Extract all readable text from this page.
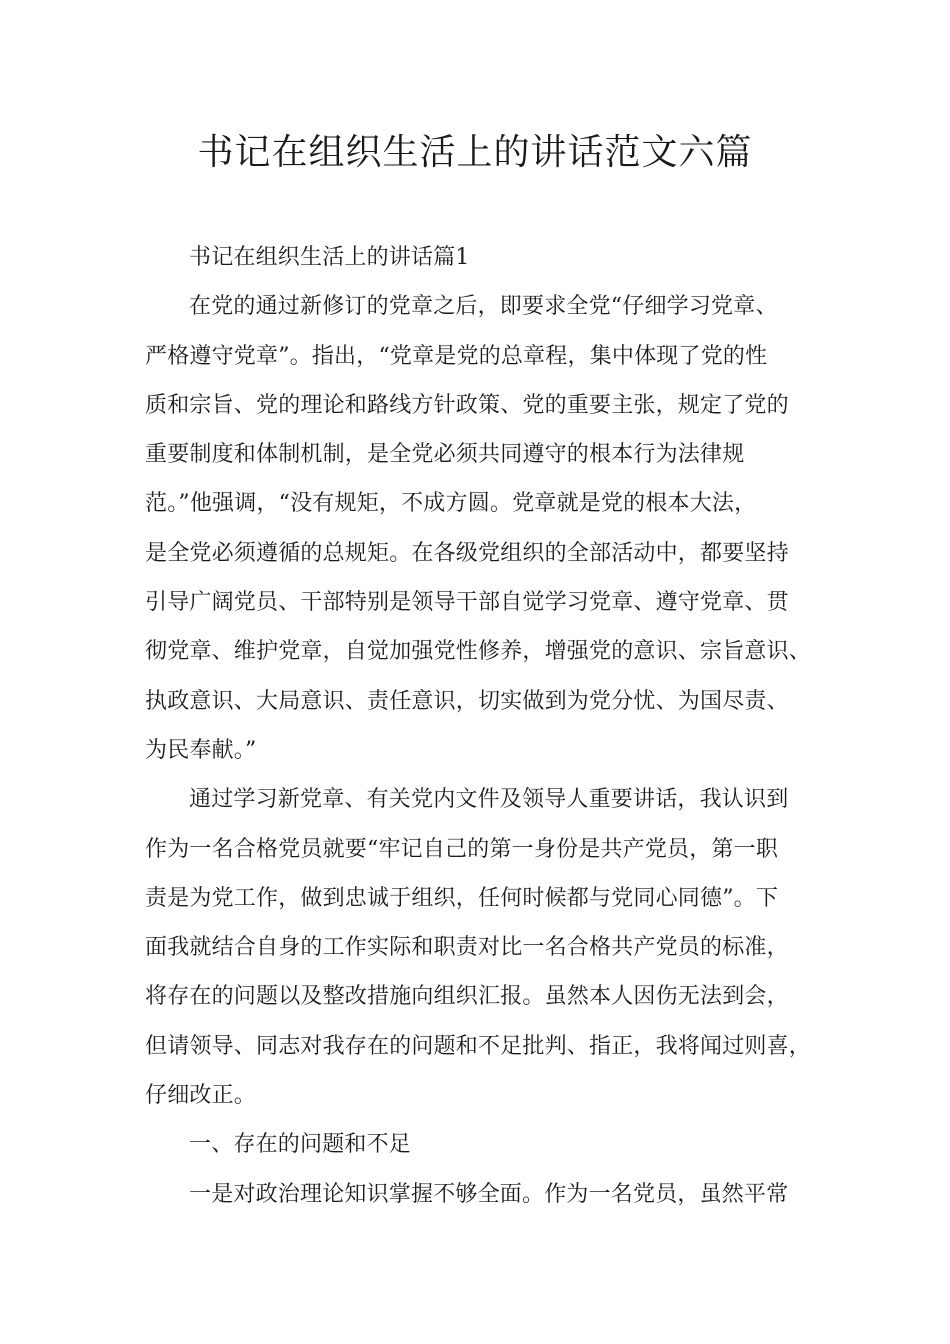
书记在组织生活上的讲话范文六篇
书记在组织生活上的讲话篇1
在党的通过新修订的党章之后，即要求全党“仔细学习党章、
严格遵守党章”。指出，“党章是党的总章程，集中体现了党的性
质和宗旨、党的理论和路线方针政策、党的重要主张，规定了党的
重要制度和体制机制，是全党必须共同遵守的根本行为法律规
范。”他强调，“没有规矩，不成方圆。党章就是党的根本大法，
是全党必须遵循的总规矩。在各级党组织的全部活动中，都要坚持
引导广阔党员、干部特别是领导干部自觉学习党章、遵守党章、贯
彻党章、维护党章，自觉加强党性修养，增强党的意识、宗旨意识、
执政意识、大局意识、责任意识，切实做到为党分忧、为国尽责、
为民奉献。”
通过学习新党章、有关党内文件及领导人重要讲话，我认识到
作为一名合格党员就要“牢记自己的第一身份是共产党员，第一职
责是为党工作，做到忠诚于组织，任何时候都与党同心同德”。下
面我就结合自身的工作实际和职责对比一名合格共产党员的标准，
将存在的问题以及整改措施向组织汇报。虽然本人因伤无法到会，
但请领导、同志对我存在的问题和不足批判、指正，我将闻过则喜，
仔细改正。
一、存在的问题和不足
一是对政治理论知识掌握不够全面。作为一名党员，虽然平常
